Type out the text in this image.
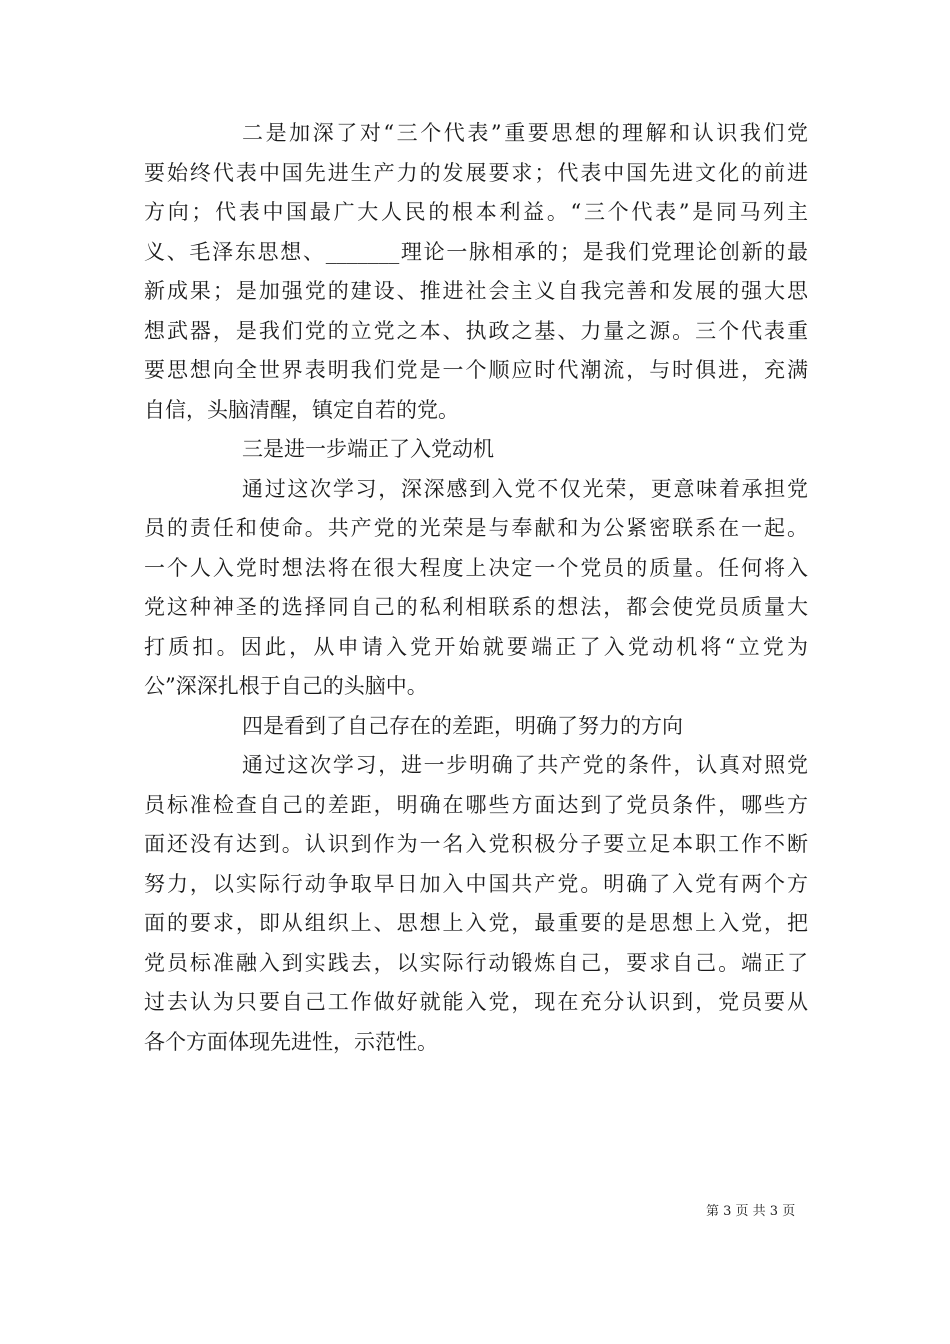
二是加深了对“三个代表”重要思想的理解和认识我们党
要始终代表中国先进生产力的发展要求；代表中国先进文化的前进
方向；代表中国最广大人民的根本利益。“三个代表”是同马列主
义、毛泽东思想、_______理论一脉相承的；是我们党理论创新的最
新成果；是加强党的建设、推进社会主义自我完善和发展的强大思
想武器，是我们党的立党之本、执政之基、力量之源。三个代表重
要思想向全世界表明我们党是一个顺应时代潮流，与时俱进，充满
自信，头脑清醒，镇定自若的党。
三是进一步端正了入党动机
通过这次学习，深深感到入党不仅光荣，更意味着承担党
员的责任和使命。共产党的光荣是与奉献和为公紧密联系在一起。
一个人入党时想法将在很大程度上决定一个党员的质量。任何将入
党这种神圣的选择同自己的私利相联系的想法，都会使党员质量大
打质扣。因此，从申请入党开始就要端正了入党动机将“立党为
公”深深扎根于自己的头脑中。
四是看到了自己存在的差距，明确了努力的方向
通过这次学习，进一步明确了共产党的条件，认真对照党
员标准检查自己的差距，明确在哪些方面达到了党员条件，哪些方
面还没有达到。认识到作为一名入党积极分子要立足本职工作不断
努力，以实际行动争取早日加入中国共产党。明确了入党有两个方
面的要求，即从组织上、思想上入党，最重要的是思想上入党，把
党员标准融入到实践去，以实际行动锻炼自己，要求自己。端正了
过去认为只要自己工作做好就能入党，现在充分认识到，党员要从
各个方面体现先进性，示范性。
第 3 页 共 3 页
